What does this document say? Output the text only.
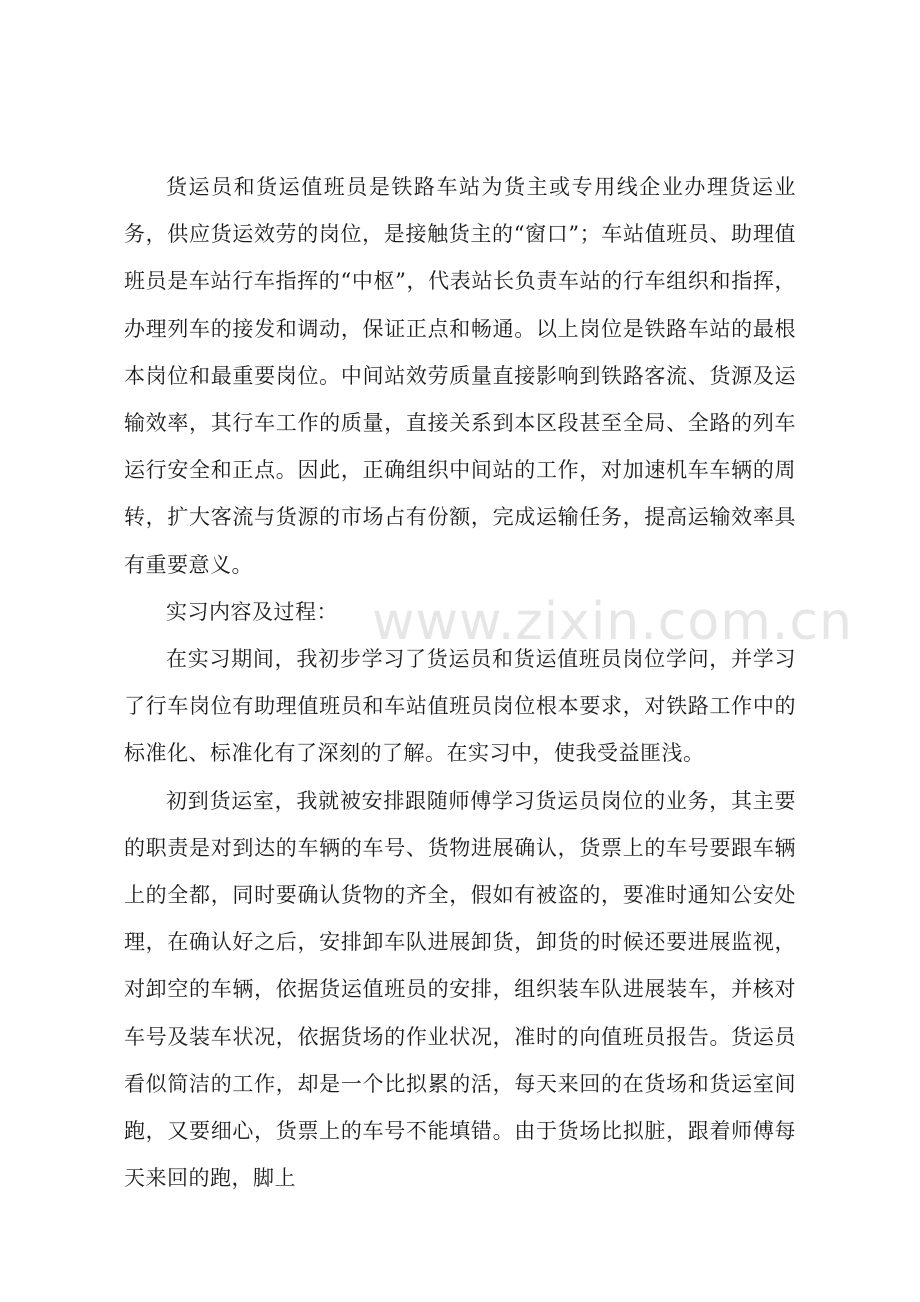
货运员和货运值班员是铁路车站为货主或专用线企业办理货运业务，供应货运效劳的岗位，是接触货主的“窗口”；车站值班员、助理值班员是车站行车指挥的“中枢”，代表站长负责车站的行车组织和指挥，办理列车的接发和调动，保证正点和畅通。以上岗位是铁路车站的最根本岗位和最重要岗位。中间站效劳质量直接影响到铁路客流、货源及运输效率，其行车工作的质量，直接关系到本区段甚至全局、全路的列车运行安全和正点。因此，正确组织中间站的工作，对加速机车车辆的周转，扩大客流与货源的市场占有份额，完成运输任务，提高运输效率具有重要意义。

实习内容及过程：

在实习期间，我初步学习了货运员和货运值班员岗位学问，并学习了行车岗位有助理值班员和车站值班员岗位根本要求，对铁路工作中的标准化、标准化有了深刻的了解。在实习中，使我受益匪浅。

初到货运室，我就被安排跟随师傅学习货运员岗位的业务，其主要的职责是对到达的车辆的车号、货物进展确认，货票上的车号要跟车辆上的全都，同时要确认货物的齐全，假如有被盗的，要准时通知公安处理，在确认好之后，安排卸车队进展卸货，卸货的时候还要进展监视，对卸空的车辆，依据货运值班员的安排，组织装车队进展装车，并核对车号及装车状况，依据货场的作业状况，准时的向值班员报告。货运员看似简洁的工作，却是一个比拟累的活，每天来回的在货场和货运室间跑，又要细心，货票上的车号不能填错。由于货场比拟脏，跟着师傅每天来回的跑，脚上

www.zixin.com.cn
